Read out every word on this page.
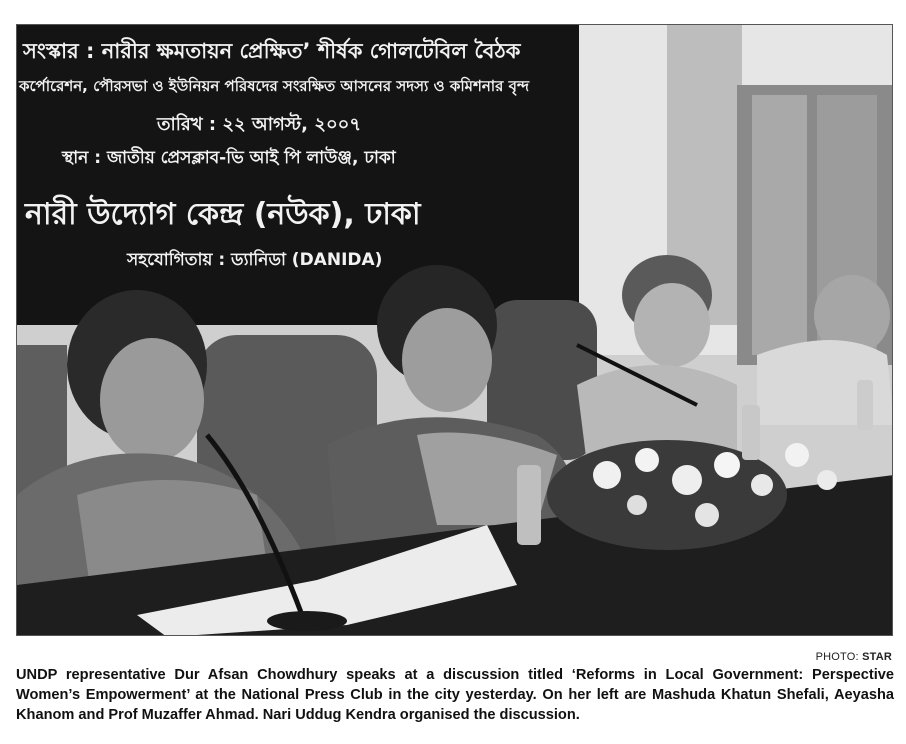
সংস্কার : নারীর ক্ষমতায়ন প্রেক্ষিত’ শীর্ষক গোলটেবিল বৈঠক
কর্পোরেশন, পৌরসভা ও ইউনিয়ন পরিষদের সংরক্ষিত আসনের সদস্য ও কমিশনার বৃন্দ
তারিখ : ২২ আগস্ট, ২০০৭
স্থান : জাতীয় প্রেসক্লাব-ভি আই পি লাউঞ্জ, ঢাকা
নারী উদ্যোগ কেন্দ্র (নউক), ঢাকা
সহযোগিতায় : ড্যানিডা (DANIDA)
PHOTO: STAR
UNDP representative Dur Afsan Chowdhury speaks at a discussion titled ‘Reforms in Local Government: Perspective Women’s Empowerment’ at the National Press Club in the city yesterday. On her left are Mashuda Khatun Shefali, Aeyasha Khanom and Prof Muzaffer Ahmad. Nari Uddug Kendra organised the discussion.
